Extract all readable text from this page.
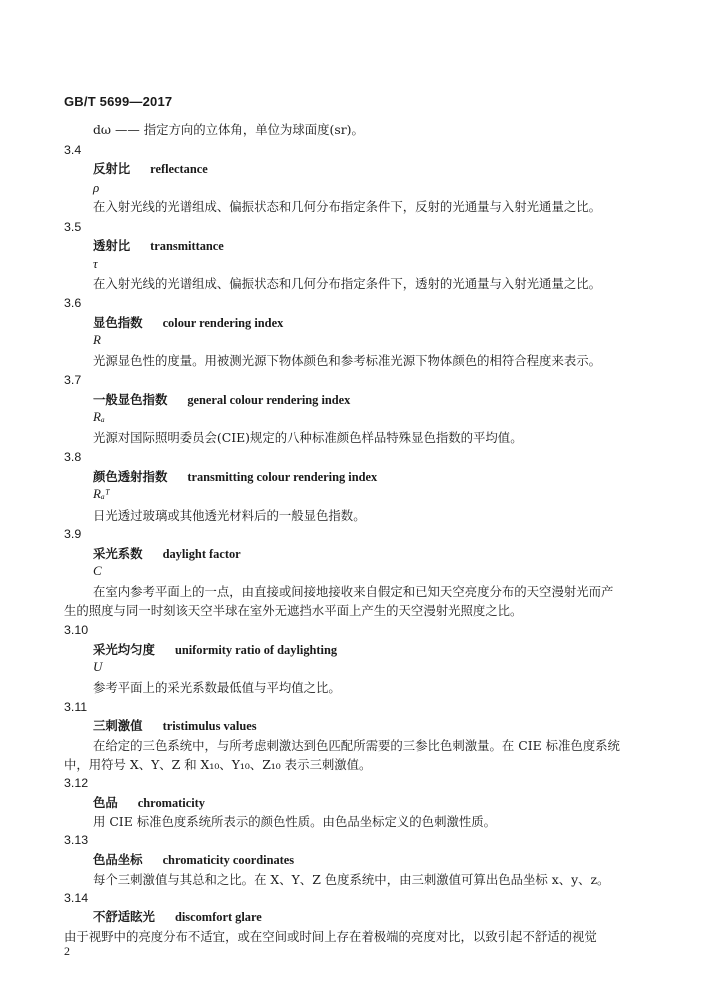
GB/T 5699—2017
dω —— 指定方向的立体角，单位为球面度(sr)。
3.4
反射比 reflectance
ρ
在入射光线的光谱组成、偏振状态和几何分布指定条件下，反射的光通量与入射光通量之比。
3.5
透射比 transmittance
τ
在入射光线的光谱组成、偏振状态和几何分布指定条件下，透射的光通量与入射光通量之比。
3.6
显色指数 colour rendering index
R
光源显色性的度量。用被测光源下物体颜色和参考标准光源下物体颜色的相符合程度来表示。
3.7
一般显色指数 general colour rendering index
Rₐ
光源对国际照明委员会(CIE)规定的八种标准颜色样品特殊显色指数的平均值。
3.8
颜色透射指数 transmitting colour rendering index
Rₐᵀ
日光透过玻璃或其他透光材料后的一般显色指数。
3.9
采光系数 daylight factor
C
在室内参考平面上的一点，由直接或间接地接收来自假定和已知天空亮度分布的天空漫射光而产
生的照度与同一时刻该天空半球在室外无遮挡水平面上产生的天空漫射光照度之比。
3.10
采光均匀度 uniformity ratio of daylighting
U
参考平面上的采光系数最低值与平均值之比。
3.11
三刺激值 tristimulus values
在给定的三色系统中，与所考虑刺激达到色匹配所需要的三参比色刺激量。在 CIE 标准色度系统
中，用符号 X、Y、Z 和 X₁₀、Y₁₀、Z₁₀ 表示三刺激值。
3.12
色品 chromaticity
用 CIE 标准色度系统所表示的颜色性质。由色品坐标定义的色刺激性质。
3.13
色品坐标 chromaticity coordinates
每个三刺激值与其总和之比。在 X、Y、Z 色度系统中，由三刺激值可算出色品坐标 x、y、z。
3.14
不舒适眩光 discomfort glare
由于视野中的亮度分布不适宜，或在空间或时间上存在着极端的亮度对比，以致引起不舒适的视觉
2
